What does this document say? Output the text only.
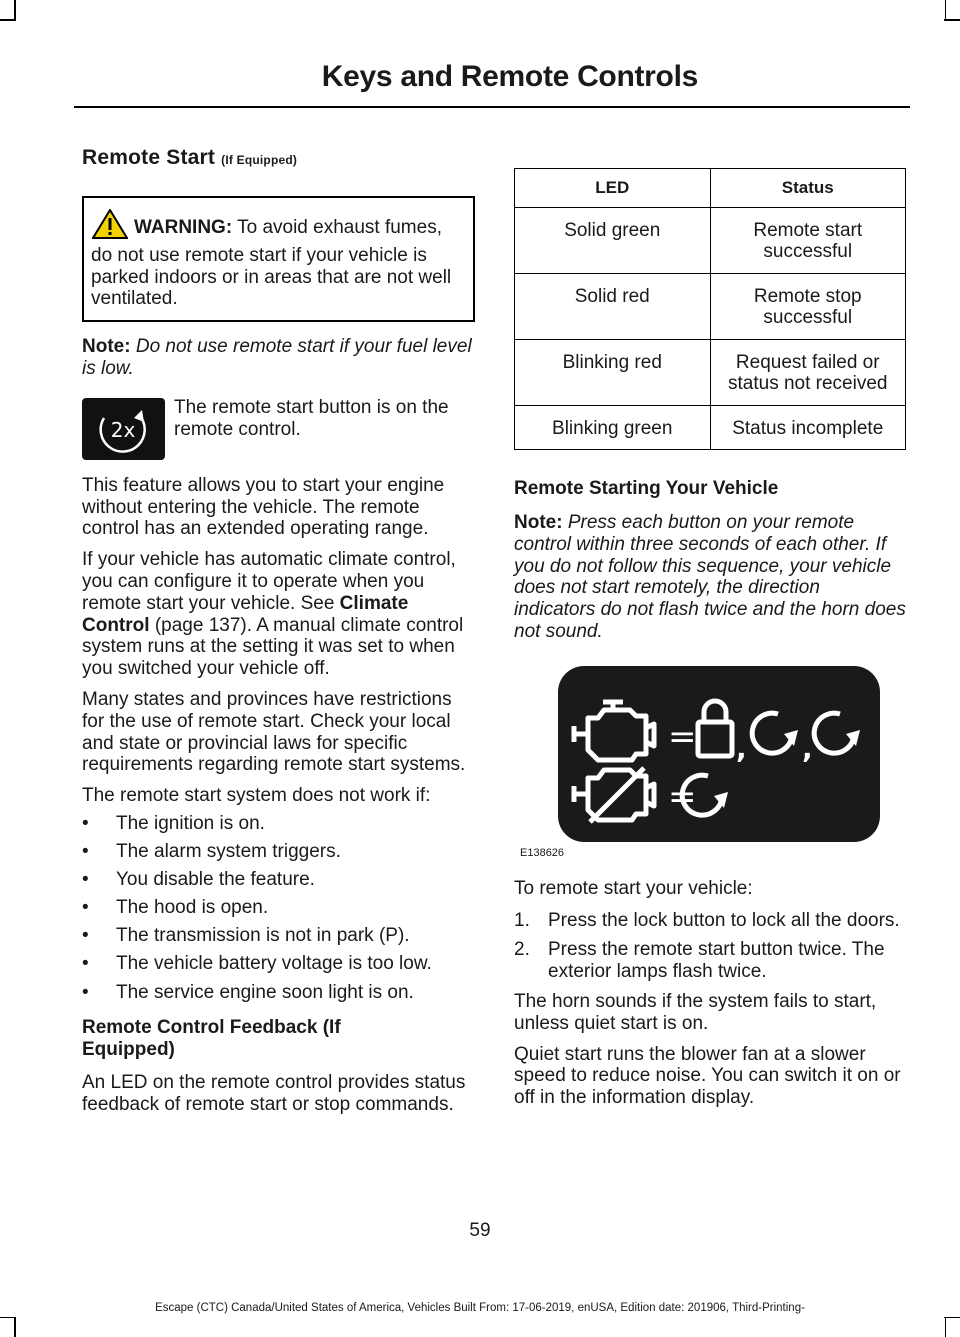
Keys and Remote Controls
Remote Start (If Equipped)
WARNING: To avoid exhaust fumes, do not use remote start if your vehicle is parked indoors or in areas that are not well ventilated.

Note: Do not use remote start if your fuel level is low.

2x

The remote start button is on the remote control.

This feature allows you to start your engine without entering the vehicle. The remote control has an extended operating range.

If your vehicle has automatic climate control, you can configure it to operate when you remote start your vehicle. See Climate Control (page 137). A manual climate control system runs at the setting it was set to when you switched your vehicle off.

Many states and provinces have restrictions for the use of remote start. Check your local and state or provincial laws for specific requirements regarding remote start systems.

The remote start system does not work if:

• The ignition is on.
• The alarm system triggers.
• You disable the feature.
• The hood is open.
• The transmission is not in park (P).
• The vehicle battery voltage is too low.
• The service engine soon light is on.
Remote Control Feedback (If Equipped)

An LED on the remote control provides status feedback of remote start or stop commands.

LED	Status
Solid green	Remote start successful
Solid red	Remote stop successful
Blinking red	Request failed or status not received
Blinking green	Status incomplete
Remote Starting Your Vehicle

Note: Press each button on your remote control within three seconds of each other. If you do not follow this sequence, your vehicle does not start remotely, the direction indicators do not flash twice and the horn does not sound.

= , ,
=
E138626

To remote start your vehicle:

1. Press the lock button to lock all the doors.
2. Press the remote start button twice. The exterior lamps flash twice.

The horn sounds if the system fails to start, unless quiet start is on.

Quiet start runs the blower fan at a slower speed to reduce noise. You can switch it on or off in the information display.

59
Escape (CTC) Canada/United States of America, Vehicles Built From: 17-06-2019, enUSA, Edition date: 201906, Third-Printing-
